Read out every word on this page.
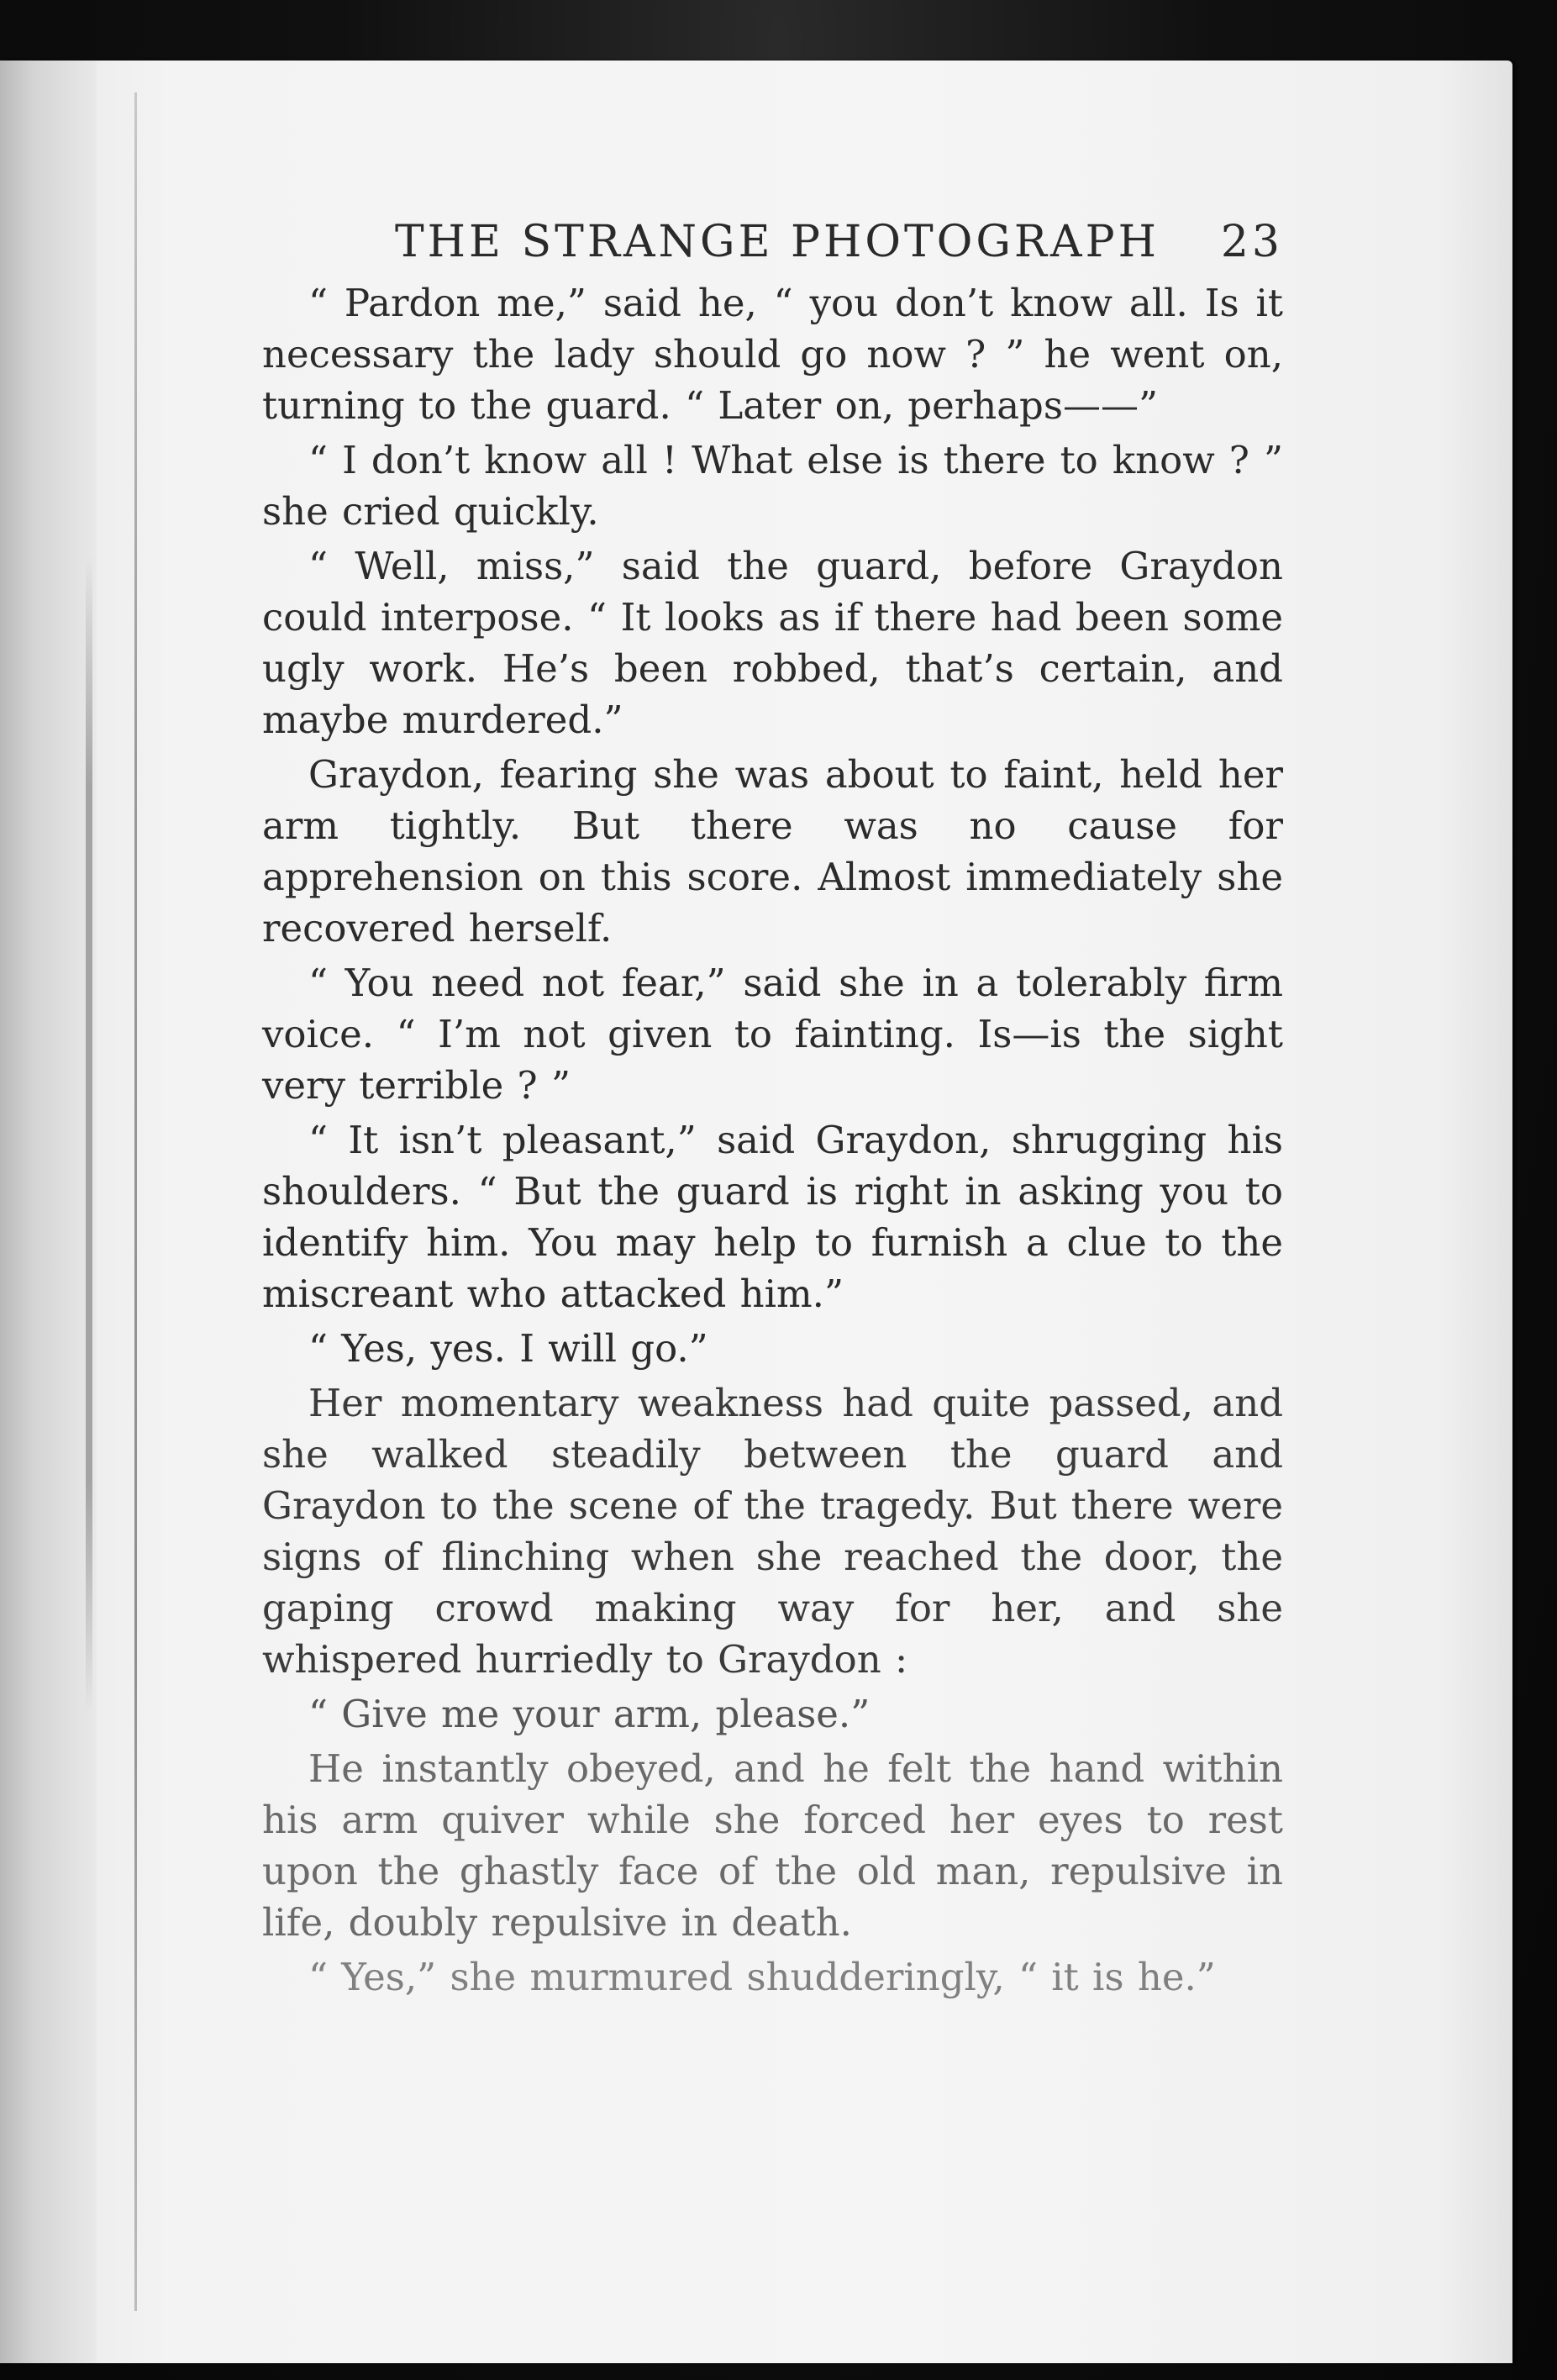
THE STRANGE PHOTOGRAPH 23

“ Pardon me,” said he, “ you don’t know all. Is it necessary the lady should go now ? ” he went on, turning to the guard. “ Later on, perhaps——”

“ I don’t know all ! What else is there to know ? ” she cried quickly.

“ Well, miss,” said the guard, before Graydon could interpose. “ It looks as if there had been some ugly work. He’s been robbed, that’s certain, and maybe murdered.”

Graydon, fearing she was about to faint, held her arm tightly. But there was no cause for apprehension on this score. Almost immediately she recovered herself.

“ You need not fear,” said she in a tolerably firm voice. “ I’m not given to fainting. Is—is the sight very terrible ? ”

“ It isn’t pleasant,” said Graydon, shrugging his shoulders. “ But the guard is right in asking you to identify him. You may help to furnish a clue to the miscreant who attacked him.”

“ Yes, yes. I will go.”

Her momentary weakness had quite passed, and she walked steadily between the guard and Graydon to the scene of the tragedy. But there were signs of flinching when she reached the door, the gaping crowd making way for her, and she whispered hurriedly to Graydon :

“ Give me your arm, please.”

He instantly obeyed, and he felt the hand within his arm quiver while she forced her eyes to rest upon the ghastly face of the old man, repulsive in life, doubly repulsive in death.

“ Yes,” she murmured shudderingly, “ it is he.”
